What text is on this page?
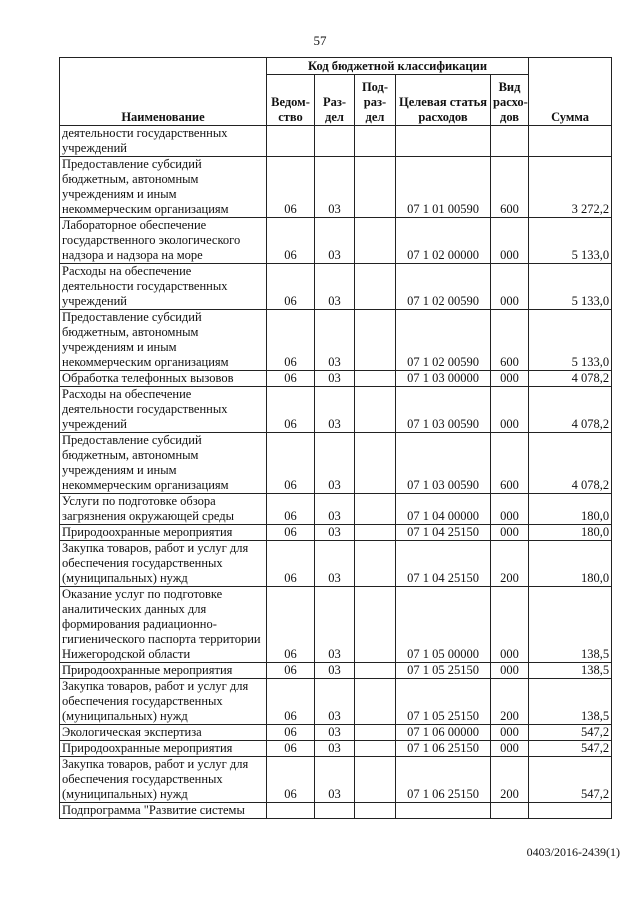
57
Наименование	Код бюджетной классификации					Сумма
	Ведом-ство	Раз-дел	Под-раз-дел	Целевая статья расходов	Вид расхо-дов	
деятельности государственных учреждений						
Предоставление субсидий бюджетным, автономным учреждениям и иным некоммерческим организациям	06	03		07 1 01 00590	600	3 272,2
Лабораторное обеспечение государственного экологического надзора и надзора на море	06	03		07 1 02 00000	000	5 133,0
Расходы на обеспечение деятельности государственных учреждений	06	03		07 1 02 00590	000	5 133,0
Предоставление субсидий бюджетным, автономным учреждениям и иным некоммерческим организациям	06	03		07 1 02 00590	600	5 133,0
Обработка телефонных вызовов	06	03		07 1 03 00000	000	4 078,2
Расходы на обеспечение деятельности государственных учреждений	06	03		07 1 03 00590	000	4 078,2
Предоставление субсидий бюджетным, автономным учреждениям и иным некоммерческим организациям	06	03		07 1 03 00590	600	4 078,2
Услуги по подготовке обзора загрязнения окружающей среды	06	03		07 1 04 00000	000	180,0
Природоохранные мероприятия	06	03		07 1 04 25150	000	180,0
Закупка товаров, работ и услуг для обеспечения государственных (муниципальных) нужд	06	03		07 1 04 25150	200	180,0
Оказание услуг по подготовке аналитических данных для формирования радиационно-гигиенического паспорта территории Нижегородской области	06	03		07 1 05 00000	000	138,5
Природоохранные мероприятия	06	03		07 1 05 25150	000	138,5
Закупка товаров, работ и услуг для обеспечения государственных (муниципальных) нужд	06	03		07 1 05 25150	200	138,5
Экологическая экспертиза	06	03		07 1 06 00000	000	547,2
Природоохранные мероприятия	06	03		07 1 06 25150	000	547,2
Закупка товаров, работ и услуг для обеспечения государственных (муниципальных) нужд	06	03		07 1 06 25150	200	547,2
Подпрограмма "Развитие системы						
0403/2016-2439(1)
